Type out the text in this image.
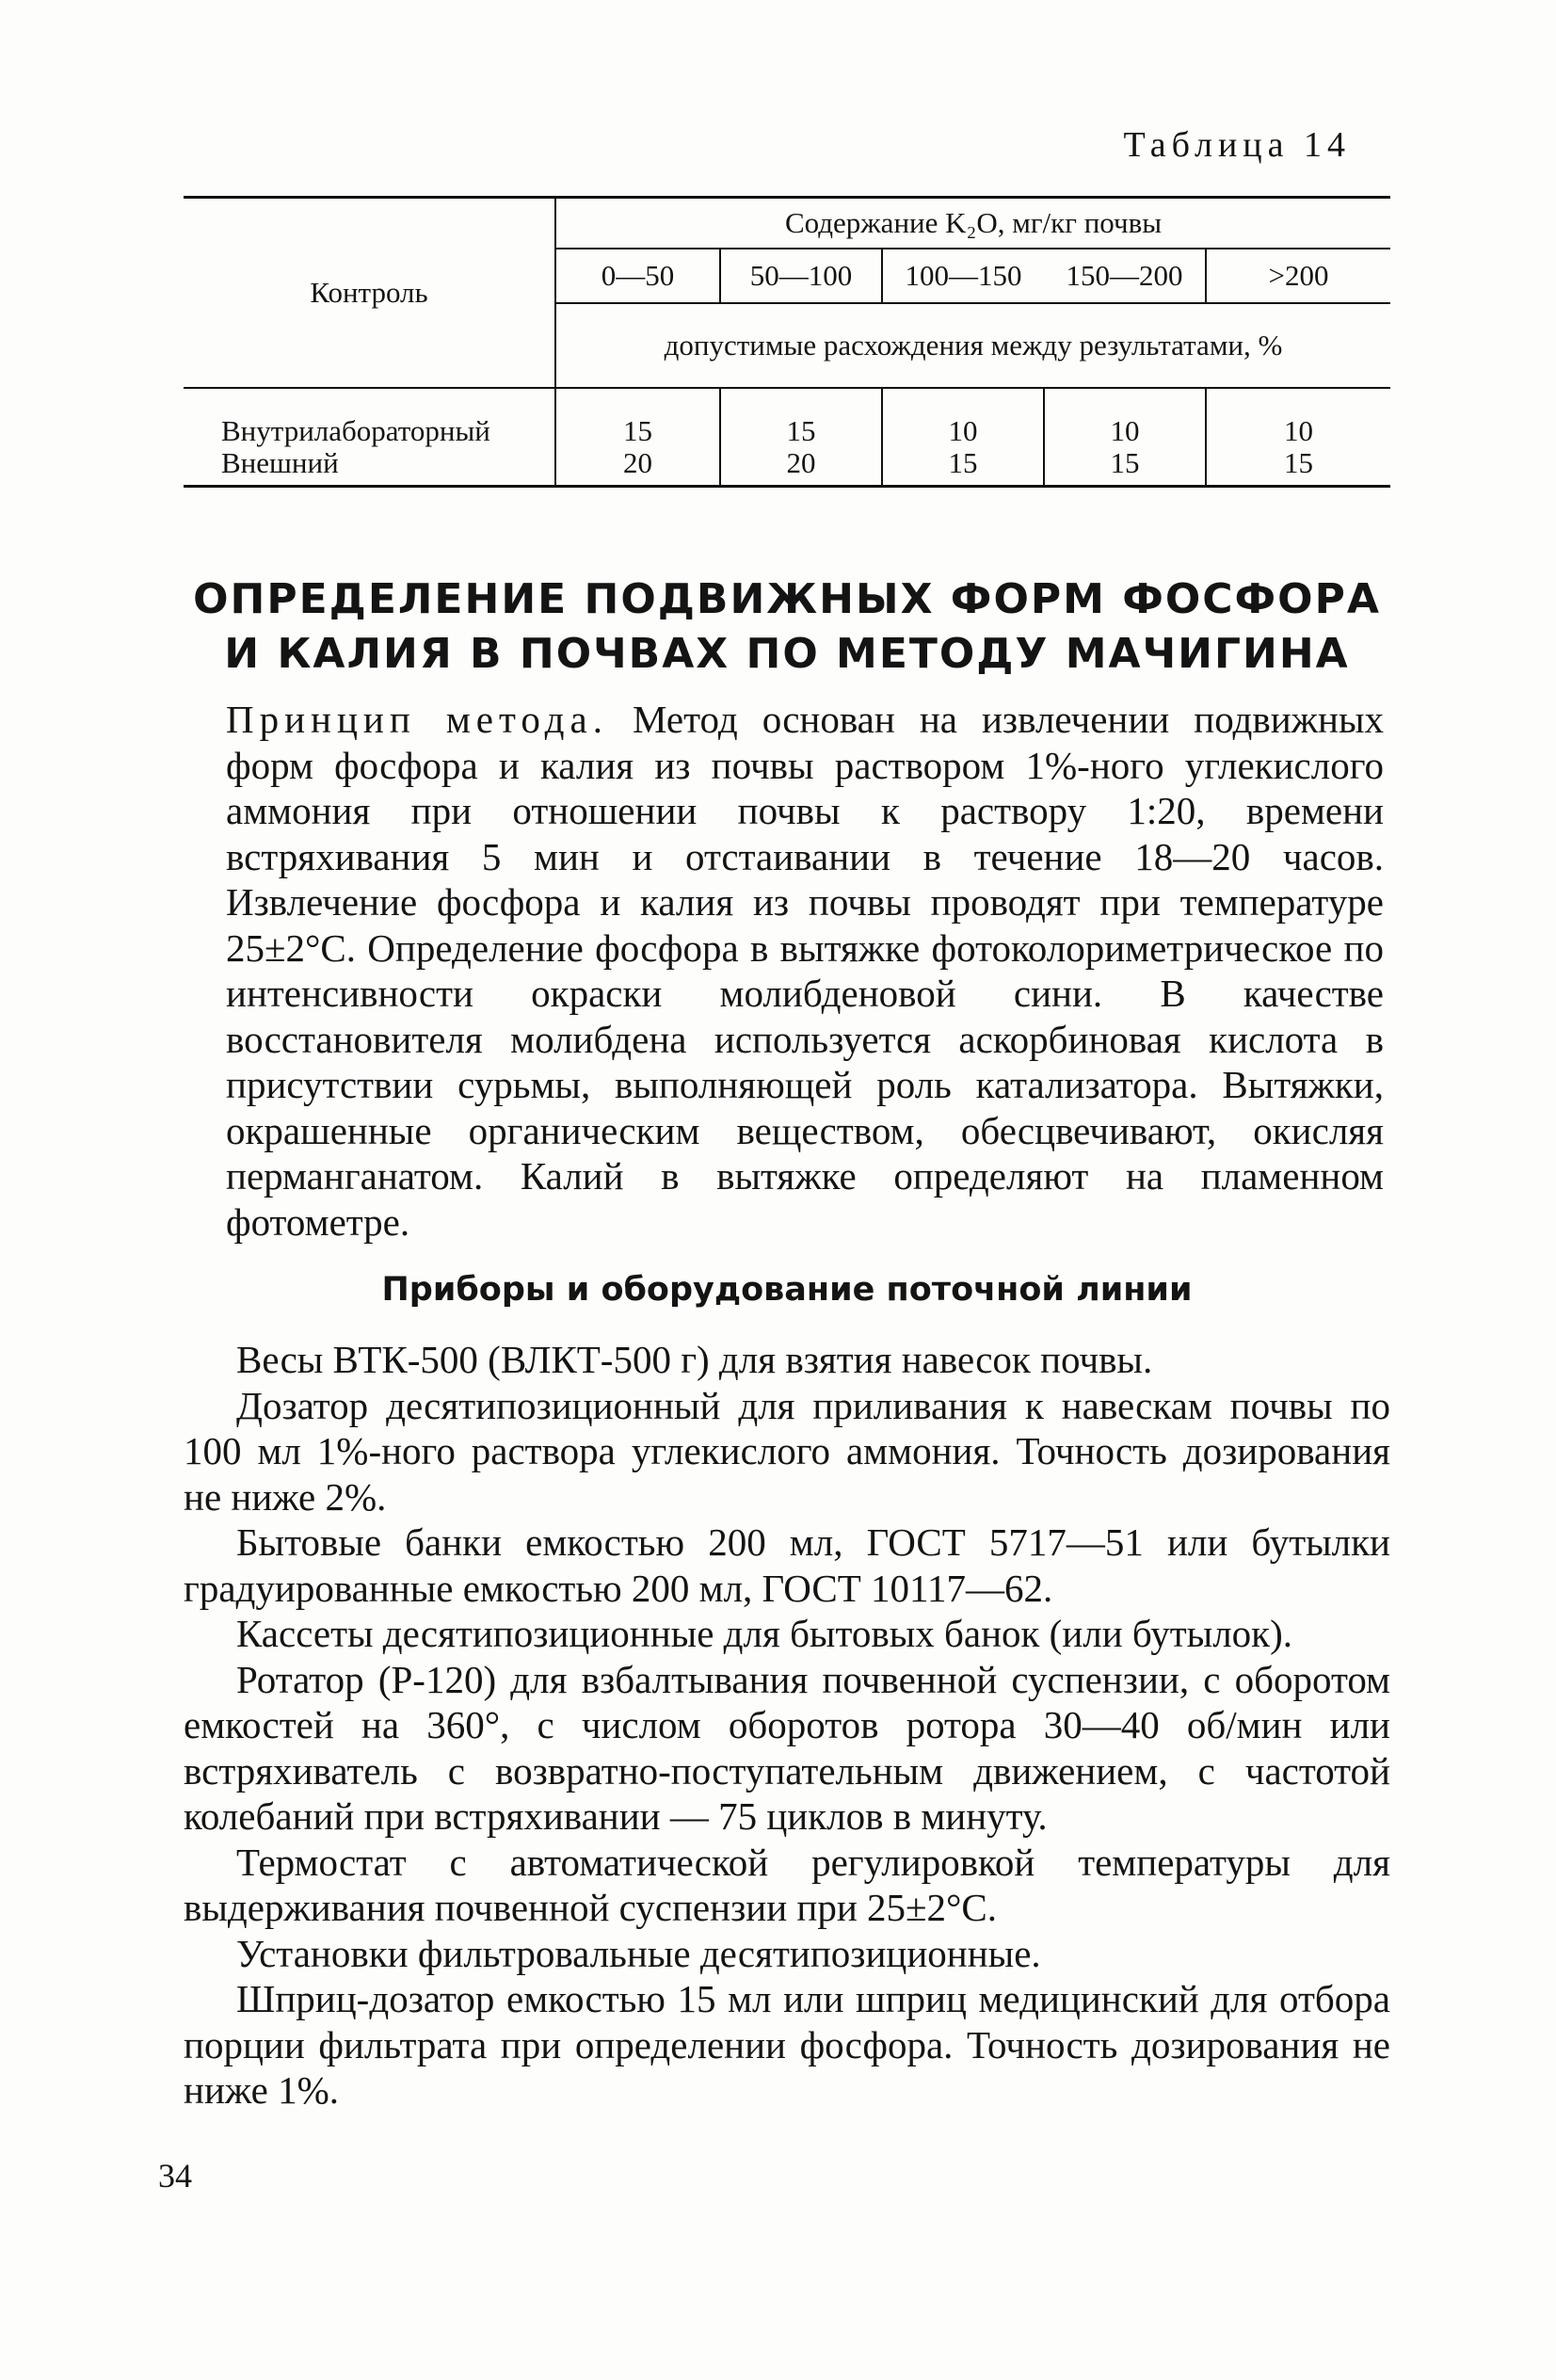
Таблица 14
Контроль	Содержание K₂O, мг/кг почвы				
	0—50	50—100	100—150	150—200	>200
	допустимые расхождения между результатами, %				
Внутрилабораторный	15	15	10	10	10
Внешний	20	20	15	15	15
ОПРЕДЕЛЕНИЕ ПОДВИЖНЫХ ФОРМ ФОСФОРА И КАЛИЯ В ПОЧВАХ ПО МЕТОДУ МАЧИГИНА
Принцип метода. Метод основан на извлечении подвижных форм фосфора и калия из почвы раствором 1%-ного углекислого аммония при отношении почвы к раствору 1:20, времени встряхивания 5 мин и отстаивании в течение 18—20 часов. Извлечение фосфора и калия из почвы проводят при температуре 25±2°С. Определение фосфора в вытяжке фотоколориметрическое по интенсивности окраски молибденовой сини. В качестве восстановителя молибдена используется аскорбиновая кислота в присутствии сурьмы, выполняющей роль катализатора. Вытяжки, окрашенные органическим веществом, обесцвечивают, окисляя перманганатом. Калий в вытяжке определяют на пламенном фотометре.
Приборы и оборудование поточной линии

Весы ВТК-500 (ВЛКТ-500 г) для взятия навесок почвы.

Дозатор десятипозиционный для приливания к навескам почвы по 100 мл 1%-ного раствора углекислого аммония. Точность дозирования не ниже 2%.

Бытовые банки емкостью 200 мл, ГОСТ 5717—51 или бутылки градуированные емкостью 200 мл, ГОСТ 10117—62.

Кассеты десятипозиционные для бытовых банок (или бутылок).

Ротатор (Р-120) для взбалтывания почвенной суспензии, с оборотом емкостей на 360°, с числом оборотов ротора 30—40 об/мин или встряхиватель с возвратно-поступательным движением, с частотой колебаний при встряхивании — 75 циклов в минуту.

Термостат с автоматической регулировкой температуры для выдерживания почвенной суспензии при 25±2°С.

Установки фильтровальные десятипозиционные.

Шприц-дозатор емкостью 15 мл или шприц медицинский для отбора порции фильтрата при определении фосфора. Точность дозирования не ниже 1%.

34
